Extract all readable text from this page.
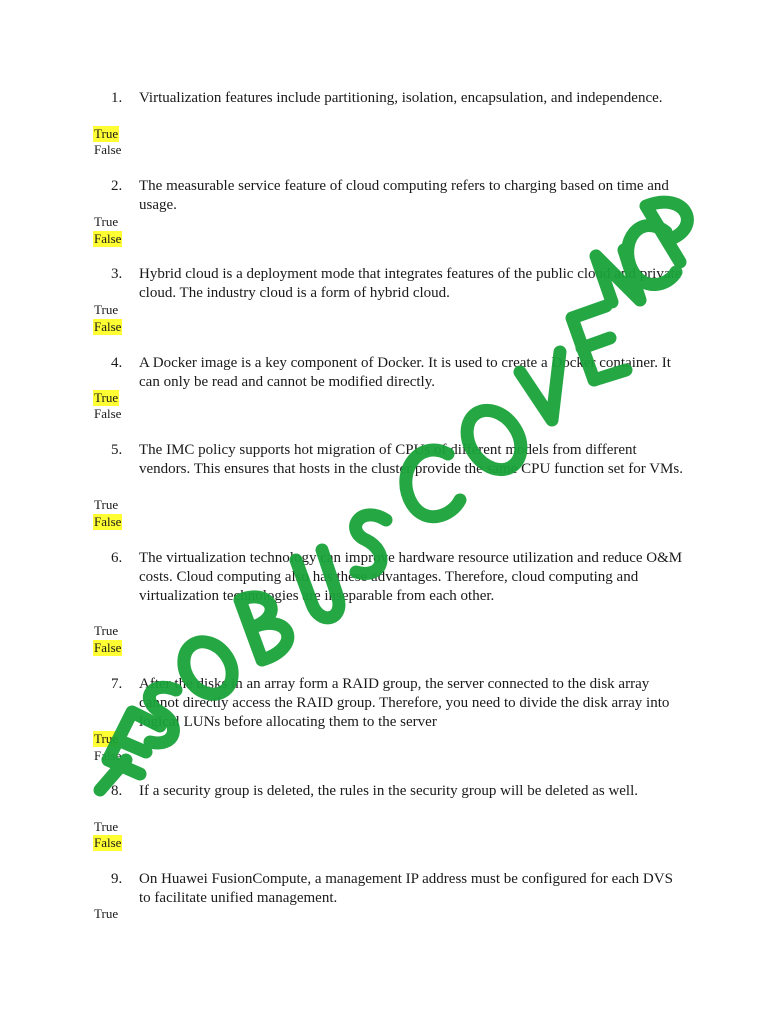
1.	Virtualization features include partitioning, isolation, encapsulation, and independence.
True
False
2.	The measurable service feature of cloud computing refers to charging based on time and usage.
True
False
3.	Hybrid cloud is a deployment mode that integrates features of the public cloud and private cloud. The industry cloud is a form of hybrid cloud.
True
False
4.	A Docker image is a key component of Docker. It is used to create a Docker container. It can only be read and cannot be modified directly.
True
False
5.	The IMC policy supports hot migration of CPUs of different models from different vendors. This ensures that hosts in the cluster provide the same CPU function set for VMs.
True
False
6.	The virtualization technology can improve hardware resource utilization and reduce O&M costs. Cloud computing also has these advantages. Therefore, cloud computing and virtualization technologies are inseparable from each other.
True
False
7.	After the disks in an array form a RAID group, the server connected to the disk array cannot directly access the RAID group. Therefore, you need to divide the disk array into logical LUNs before allocating them to the server
True
False
8.	If a security group is deleted, the rules in the security group will be deleted as well.
True
False
9.	On Huawei FusionCompute, a management IP address must be configured for each DVS to facilitate unified management.
True
